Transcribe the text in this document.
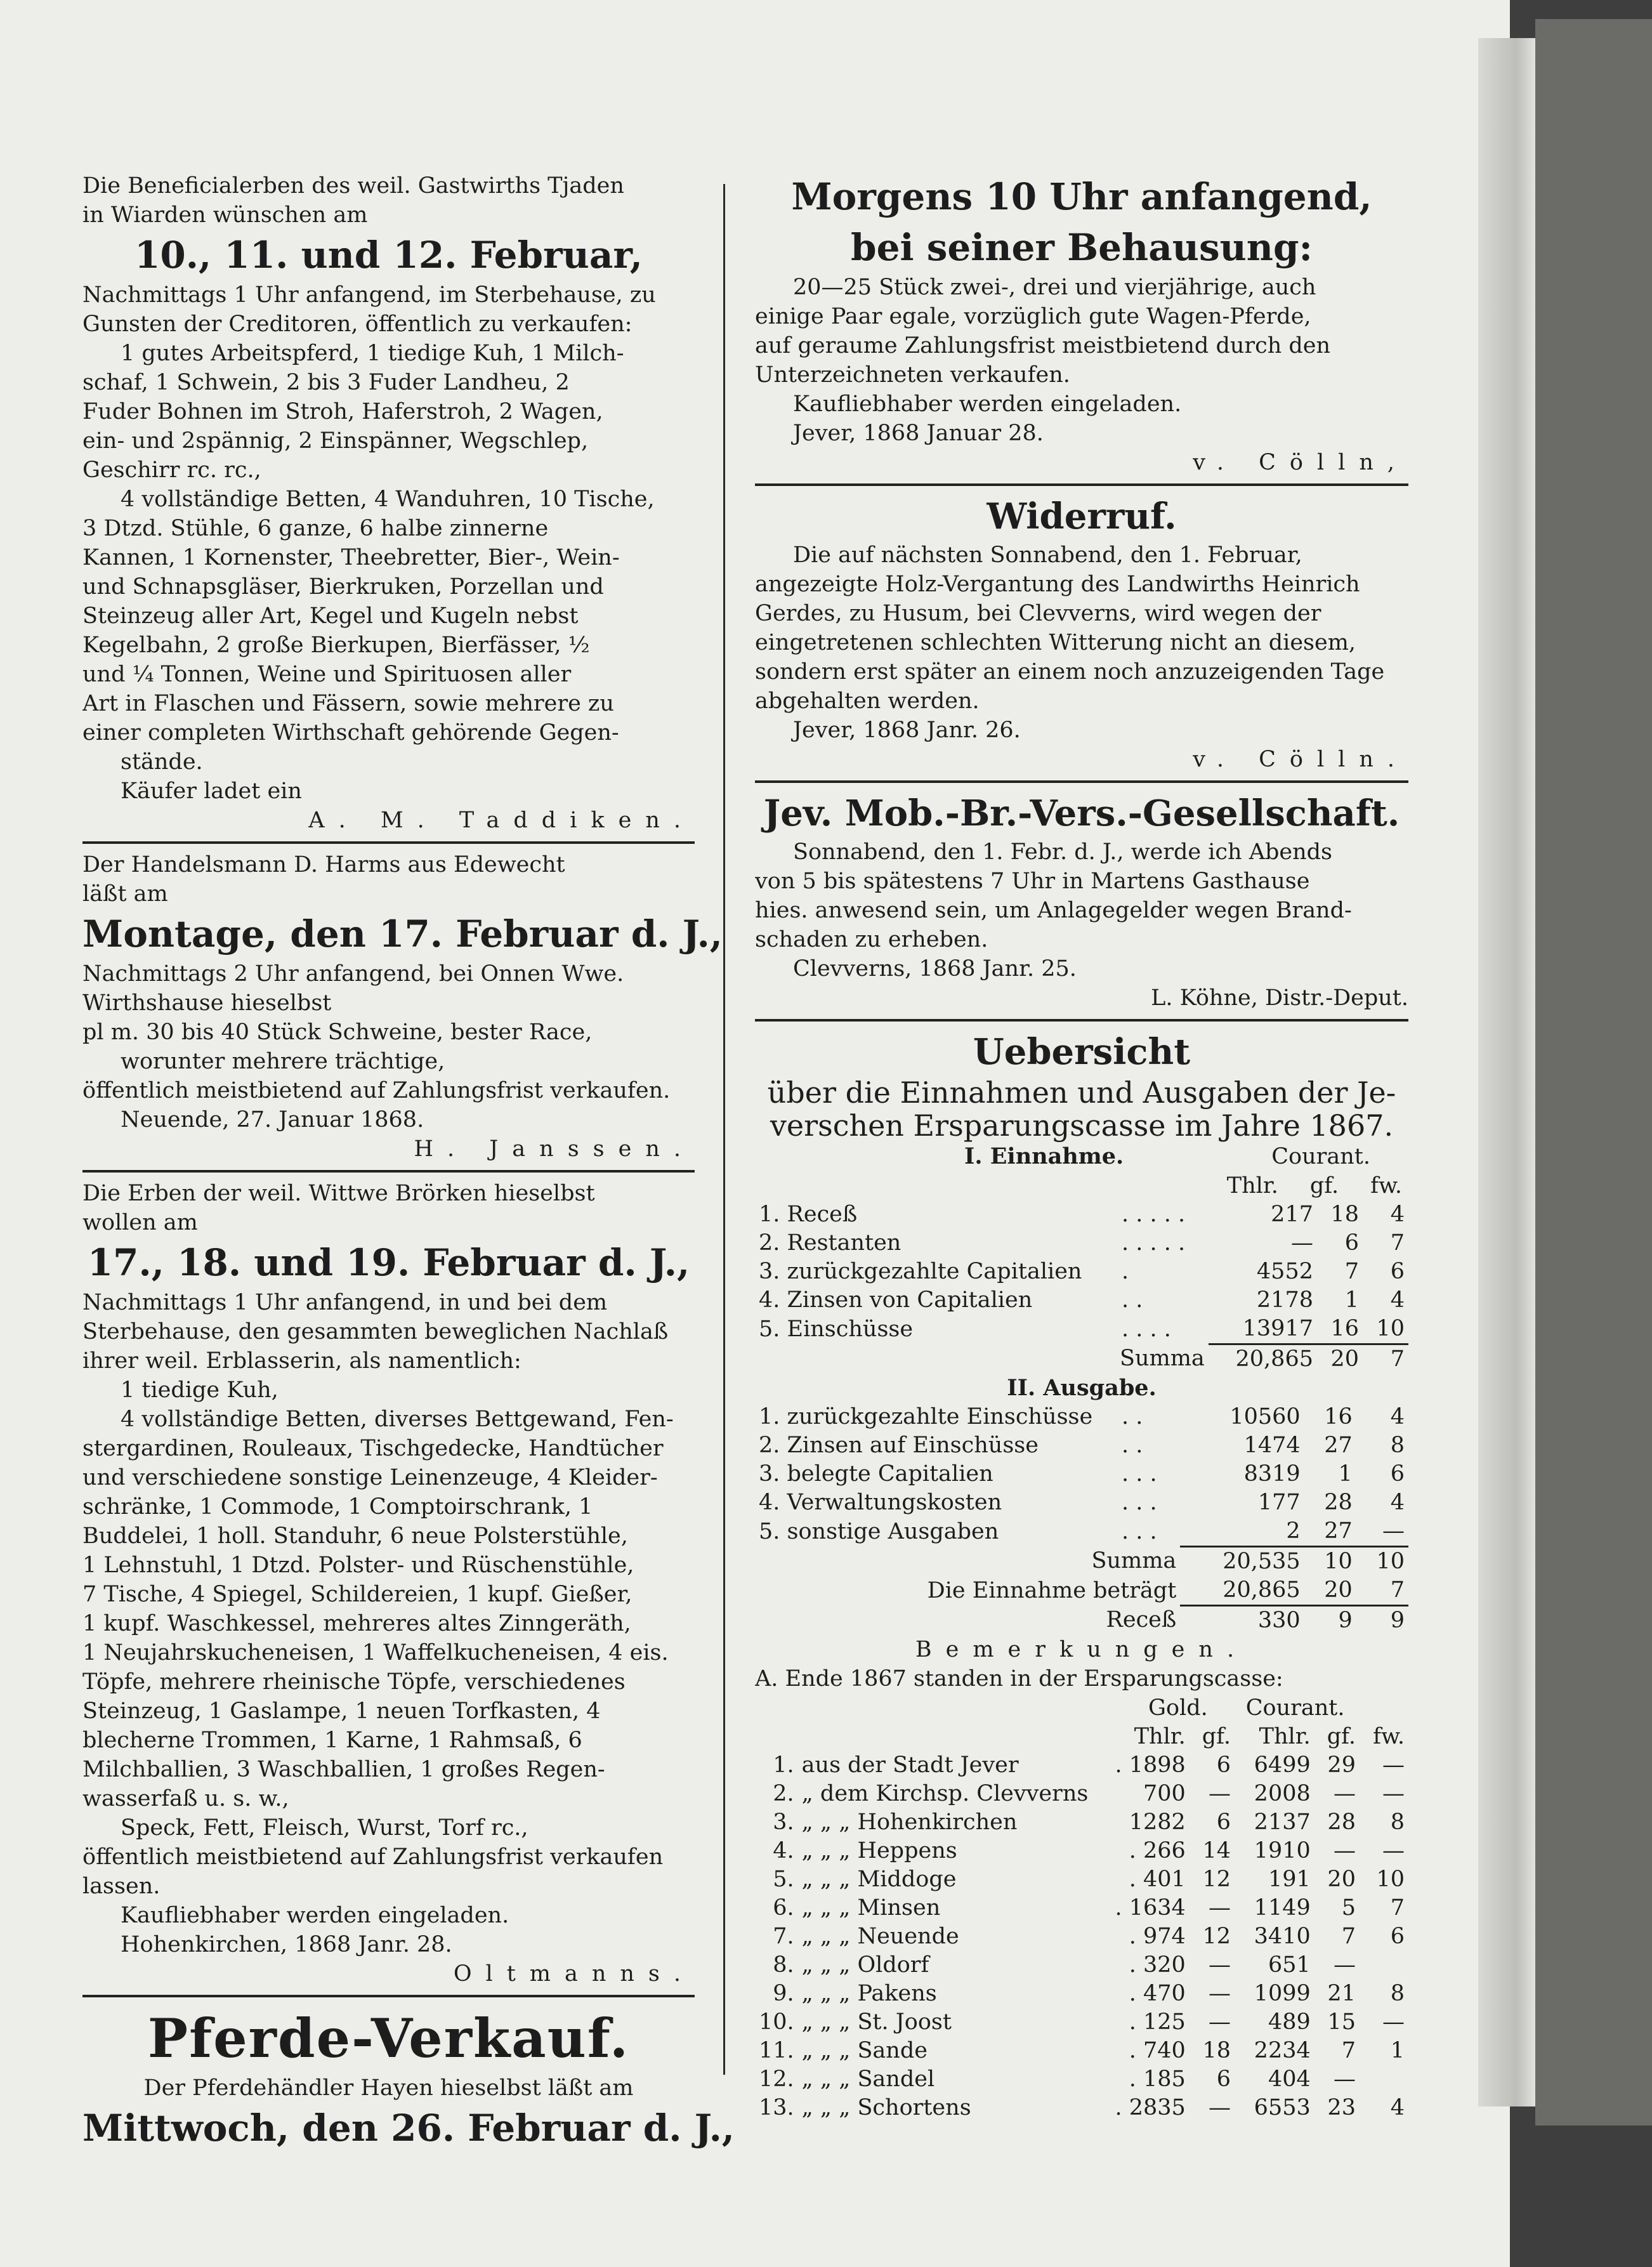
Die Beneficialerben des weil. Gastwirths Tjaden
in Wiarden wünschen am
10., 11. und 12. Februar,
Nachmittags 1 Uhr anfangend, im Sterbehause, zu
Gunsten der Creditoren, öffentlich zu verkaufen:
1 gutes Arbeitspferd, 1 tiedige Kuh, 1 Milch-
schaf, 1 Schwein, 2 bis 3 Fuder Landheu, 2
Fuder Bohnen im Stroh, Haferstroh, 2 Wagen,
ein- und 2spännig, 2 Einspänner, Wegschlep,
Geschirr rc. rc.,
4 vollständige Betten, 4 Wanduhren, 10 Tische,
3 Dtzd. Stühle, 6 ganze, 6 halbe zinnerne
Kannen, 1 Kornenster, Theebretter, Bier-, Wein-
und Schnapsgläser, Bierkruken, Porzellan und
Steinzeug aller Art, Kegel und Kugeln nebst
Kegelbahn, 2 große Bierkupen, Bierfässer, ½
und ¼ Tonnen, Weine und Spirituosen aller
Art in Flaschen und Fässern, sowie mehrere zu
einer completen Wirthschaft gehörende Gegen-
stände.
Käufer ladet ein
A. M. Taddiken.
Der Handelsmann D. Harms aus Edewecht
läßt am
Montage, den 17. Februar d. J.,
Nachmittags 2 Uhr anfangend, bei Onnen Wwe.
Wirthshause hieselbst
pl m. 30 bis 40 Stück Schweine, bester Race,
worunter mehrere trächtige,
öffentlich meistbietend auf Zahlungsfrist verkaufen.
Neuende, 27. Januar 1868.
H. Janssen.
Die Erben der weil. Wittwe Brörken hieselbst
wollen am
17., 18. und 19. Februar d. J.,
Nachmittags 1 Uhr anfangend, in und bei dem
Sterbehause, den gesammten beweglichen Nachlaß
ihrer weil. Erblasserin, als namentlich:
1 tiedige Kuh,
4 vollständige Betten, diverses Bettgewand, Fen-
stergardinen, Rouleaux, Tischgedecke, Handtücher
und verschiedene sonstige Leinenzeuge, 4 Kleider-
schränke, 1 Commode, 1 Comptoirschrank, 1
Buddelei, 1 holl. Standuhr, 6 neue Polsterstühle,
1 Lehnstuhl, 1 Dtzd. Polster- und Rüschenstühle,
7 Tische, 4 Spiegel, Schildereien, 1 kupf. Gießer,
1 kupf. Waschkessel, mehreres altes Zinngeräth,
1 Neujahrskucheneisen, 1 Waffelkucheneisen, 4 eis.
Töpfe, mehrere rheinische Töpfe, verschiedenes
Steinzeug, 1 Gaslampe, 1 neuen Torfkasten, 4
blecherne Trommen, 1 Karne, 1 Rahmsaß, 6
Milchballien, 3 Waschballien, 1 großes Regen-
wasserfaß u. s. w.,
Speck, Fett, Fleisch, Wurst, Torf rc.,
öffentlich meistbietend auf Zahlungsfrist verkaufen
lassen.
Kaufliebhaber werden eingeladen.
Hohenkirchen, 1868 Janr. 28.
Oltmanns.
Pferde-Verkauf.
Der Pferdehändler Hayen hieselbst läßt am
Mittwoch, den 26. Februar d. J.,
Morgens 10 Uhr anfangend,
bei seiner Behausung:
20—25 Stück zwei-, drei und vierjährige, auch
einige Paar egale, vorzüglich gute Wagen-Pferde,
auf geraume Zahlungsfrist meistbietend durch den
Unterzeichneten verkaufen.
Kaufliebhaber werden eingeladen.
Jever, 1868 Januar 28.
v. Cölln,
Widerruf.
Die auf nächsten Sonnabend, den 1. Februar,
angezeigte Holz-Vergantung des Landwirths Heinrich
Gerdes, zu Husum, bei Clevverns, wird wegen der
eingetretenen schlechten Witterung nicht an diesem,
sondern erst später an einem noch anzuzeigenden Tage
abgehalten werden.
Jever, 1868 Janr. 26.
v. Cölln.
Jev. Mob.-Br.-Vers.-Gesellschaft.
Sonnabend, den 1. Febr. d. J., werde ich Abends
von 5 bis spätestens 7 Uhr in Martens Gasthause
hies. anwesend sein, um Anlagegelder wegen Brand-
schaden zu erheben.
Clevverns, 1868 Janr. 25.
L. Köhne, Distr.-Deput.
Uebersicht
über die Einnahmen und Ausgaben der Je-
verschen Ersparungscasse im Jahre 1867.
I. Einnahme.	Courant.
Thlr. gf. fw.
1. Receß	. . . . .	217	18	4
2. Restanten	. . . . .	—	6	7
3. zurückgezahlte Capitalien	.	4552	7	6
4. Zinsen von Capitalien	. .	2178	1	4
5. Einschüsse	. . . .	13917	16	10
Summa		20,865	20	7
II. Ausgabe.
1. zurückgezahlte Einschüsse	. .	10560	16	4
2. Zinsen auf Einschüsse	. .	1474	27	8
3. belegte Capitalien	. . .	8319	1	6
4. Verwaltungskosten	. . .	177	28	4
5. sonstige Ausgaben	. . .	2	27	—
Summa		20,535	10	10
Die Einnahme beträgt		20,865	20	7
Receß		330	9	9
Bemerkungen.
A. Ende 1867 standen in der Ersparungscasse:
Gold. Courant.
		Thlr.	gf.	Thlr.	gf.	fw.
1.	aus der Stadt Jever	. 1898	6	6499	29	—
2.	„ dem Kirchsp. Clevverns	700	—	2008	—	—
3.	„ „ „ Hohenkirchen	1282	6	2137	28	8
4.	„ „ „ Heppens	. 266	14	1910	—	—
5.	„ „ „ Middoge	. 401	12	191	20	10
6.	„ „ „ Minsen	. 1634	—	1149	5	7
7.	„ „ „ Neuende	. 974	12	3410	7	6
8.	„ „ „ Oldorf	. 320	—	651	—	
9.	„ „ „ Pakens	. 470	—	1099	21	8
10.	„ „ „ St. Joost	. 125	—	489	15	—
11.	„ „ „ Sande	. 740	18	2234	7	1
12.	„ „ „ Sandel	. 185	6	404	—	
13.	„ „ „ Schortens	. 2835	—	6553	23	4
